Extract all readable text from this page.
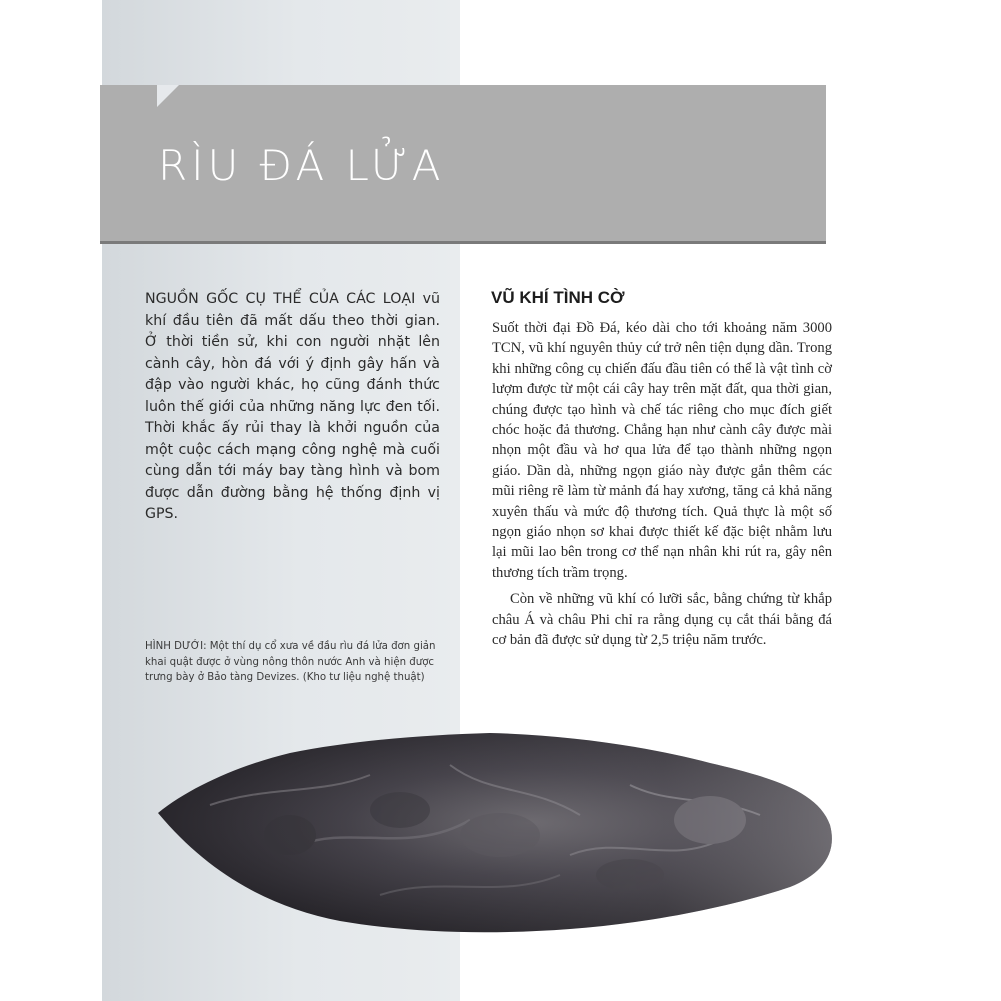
RÌU ĐÁ LỬA

NGUỒN GỐC CỤ THỂ CỦA CÁC LOẠI vũ khí đầu tiên đã mất dấu theo thời gian. Ở thời tiền sử, khi con người nhặt lên cành cây, hòn đá với ý định gây hấn và đập vào người khác, họ cũng đánh thức luôn thế giới của những năng lực đen tối. Thời khắc ấy rủi thay là khởi nguồn của một cuộc cách mạng công nghệ mà cuối cùng dẫn tới máy bay tàng hình và bom được dẫn đường bằng hệ thống định vị GPS.

HÌNH DƯỚI: Một thí dụ cổ xưa về đầu rìu đá lửa đơn giản khai quật được ở vùng nông thôn nước Anh và hiện được trưng bày ở Bảo tàng Devizes. (Kho tư liệu nghệ thuật)

VŨ KHÍ TÌNH CỜ

Suốt thời đại Đồ Đá, kéo dài cho tới khoảng năm 3000 TCN, vũ khí nguyên thủy cứ trở nên tiện dụng dần. Trong khi những công cụ chiến đấu đầu tiên có thể là vật tình cờ lượm được từ một cái cây hay trên mặt đất, qua thời gian, chúng được tạo hình và chế tác riêng cho mục đích giết chóc hoặc đả thương. Chẳng hạn như cành cây được mài nhọn một đầu và hơ qua lửa để tạo thành những ngọn giáo. Dần dà, những ngọn giáo này được gắn thêm các mũi riêng rẽ làm từ mảnh đá hay xương, tăng cả khả năng xuyên thấu và mức độ thương tích. Quả thực là một số ngọn giáo nhọn sơ khai được thiết kế đặc biệt nhằm lưu lại mũi lao bên trong cơ thể nạn nhân khi rút ra, gây nên thương tích trầm trọng.

Còn về những vũ khí có lưỡi sắc, bằng chứng từ khắp châu Á và châu Phi chỉ ra rằng dụng cụ cắt thái bằng đá cơ bản đã được sử dụng từ 2,5 triệu năm trước.
